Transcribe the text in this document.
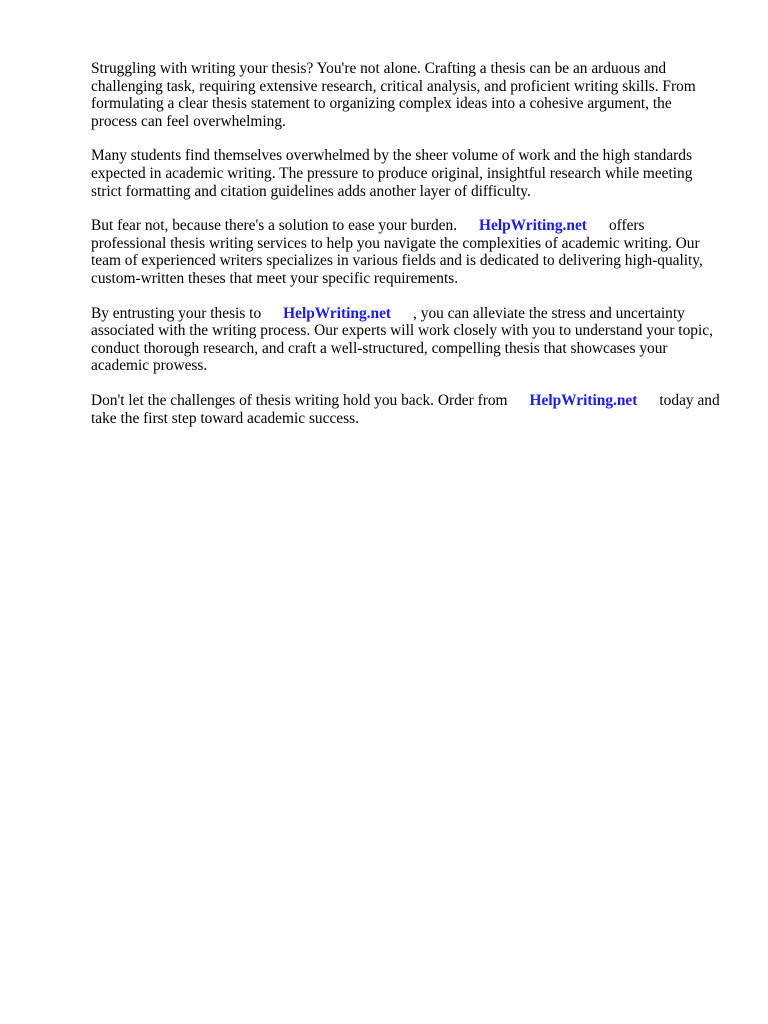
Struggling with writing your thesis? You're not alone. Crafting a thesis can be an arduous and challenging task, requiring extensive research, critical analysis, and proficient writing skills. From formulating a clear thesis statement to organizing complex ideas into a cohesive argument, the process can feel overwhelming.

Many students find themselves overwhelmed by the sheer volume of work and the high standards expected in academic writing. The pressure to produce original, insightful research while meeting strict formatting and citation guidelines adds another layer of difficulty.

But fear not, because there's a solution to ease your burden. HelpWriting.net offers professional thesis writing services to help you navigate the complexities of academic writing. Our team of experienced writers specializes in various fields and is dedicated to delivering high-quality, custom-written theses that meet your specific requirements.

By entrusting your thesis to HelpWriting.net , you can alleviate the stress and uncertainty associated with the writing process. Our experts will work closely with you to understand your topic, conduct thorough research, and craft a well-structured, compelling thesis that showcases your academic prowess.

Don't let the challenges of thesis writing hold you back. Order from HelpWriting.net today and take the first step toward academic success.
